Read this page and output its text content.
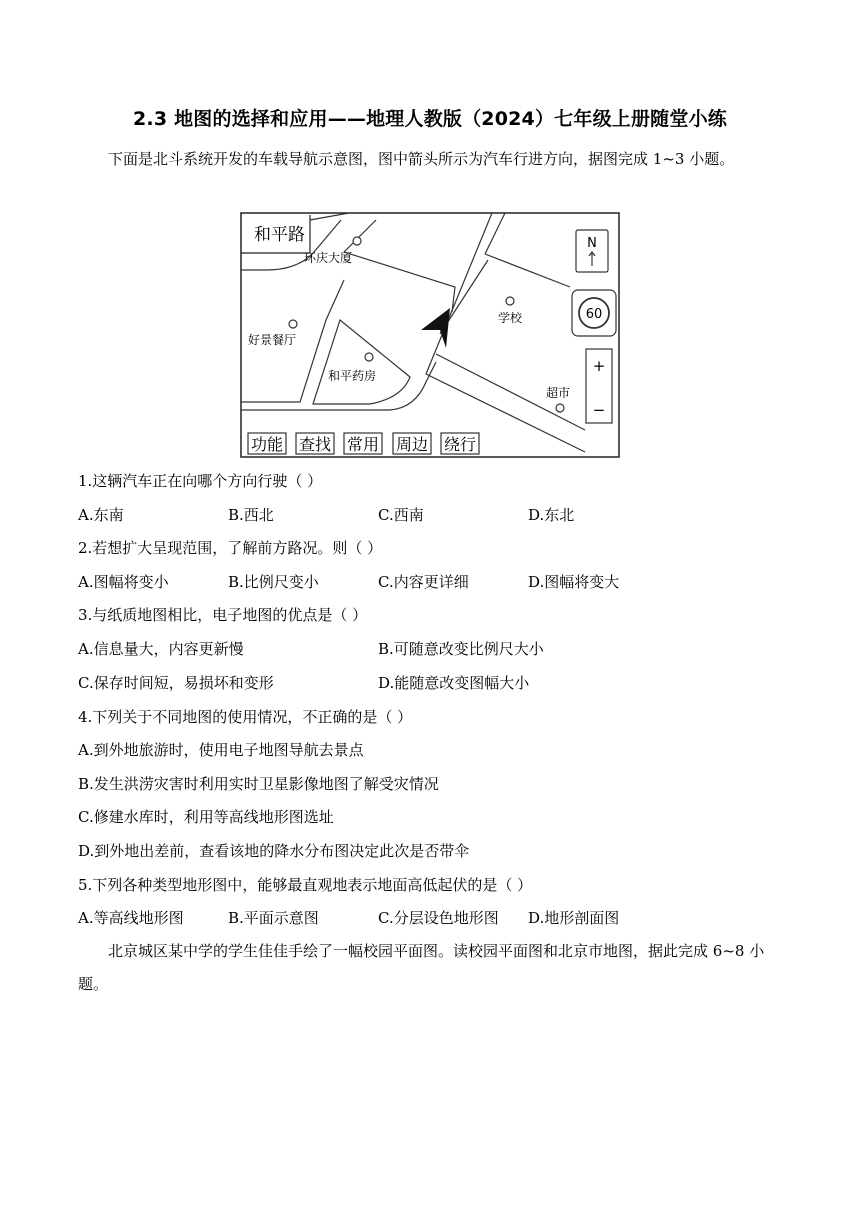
2.3 地图的选择和应用——地理人教版（2024）七年级上册随堂小练
下面是北斗系统开发的车载导航示意图，图中箭头所示为汽车行进方向，据图完成 1~3 小题。
N
60
+
−
和平路
环庆大厦
学校
好景餐厅
和平药房
超市
功能 查找 常用 周边 绕行
1.这辆汽车正在向哪个方向行驶（ ）
A.东南	B.西北	C.西南	D.东北
2.若想扩大呈现范围，了解前方路况。则（ ）
A.图幅将变小	B.比例尺变小	C.内容更详细	D.图幅将变大
3.与纸质地图相比，电子地图的优点是（ ）
A.信息量大，内容更新慢	B.可随意改变比例尺大小
C.保存时间短，易损坏和变形	D.能随意改变图幅大小
4.下列关于不同地图的使用情况，不正确的是（ ）
A.到外地旅游时，使用电子地图导航去景点
B.发生洪涝灾害时利用实时卫星影像地图了解受灾情况
C.修建水库时，利用等高线地形图选址
D.到外地出差前，查看该地的降水分布图决定此次是否带伞
5.下列各种类型地形图中，能够最直观地表示地面高低起伏的是（ ）
A.等高线地形图	B.平面示意图	C.分层设色地形图 D.地形剖面图
北京城区某中学的学生佳佳手绘了一幅校园平面图。读校园平面图和北京市地图，据此完成 6~8 小题。
